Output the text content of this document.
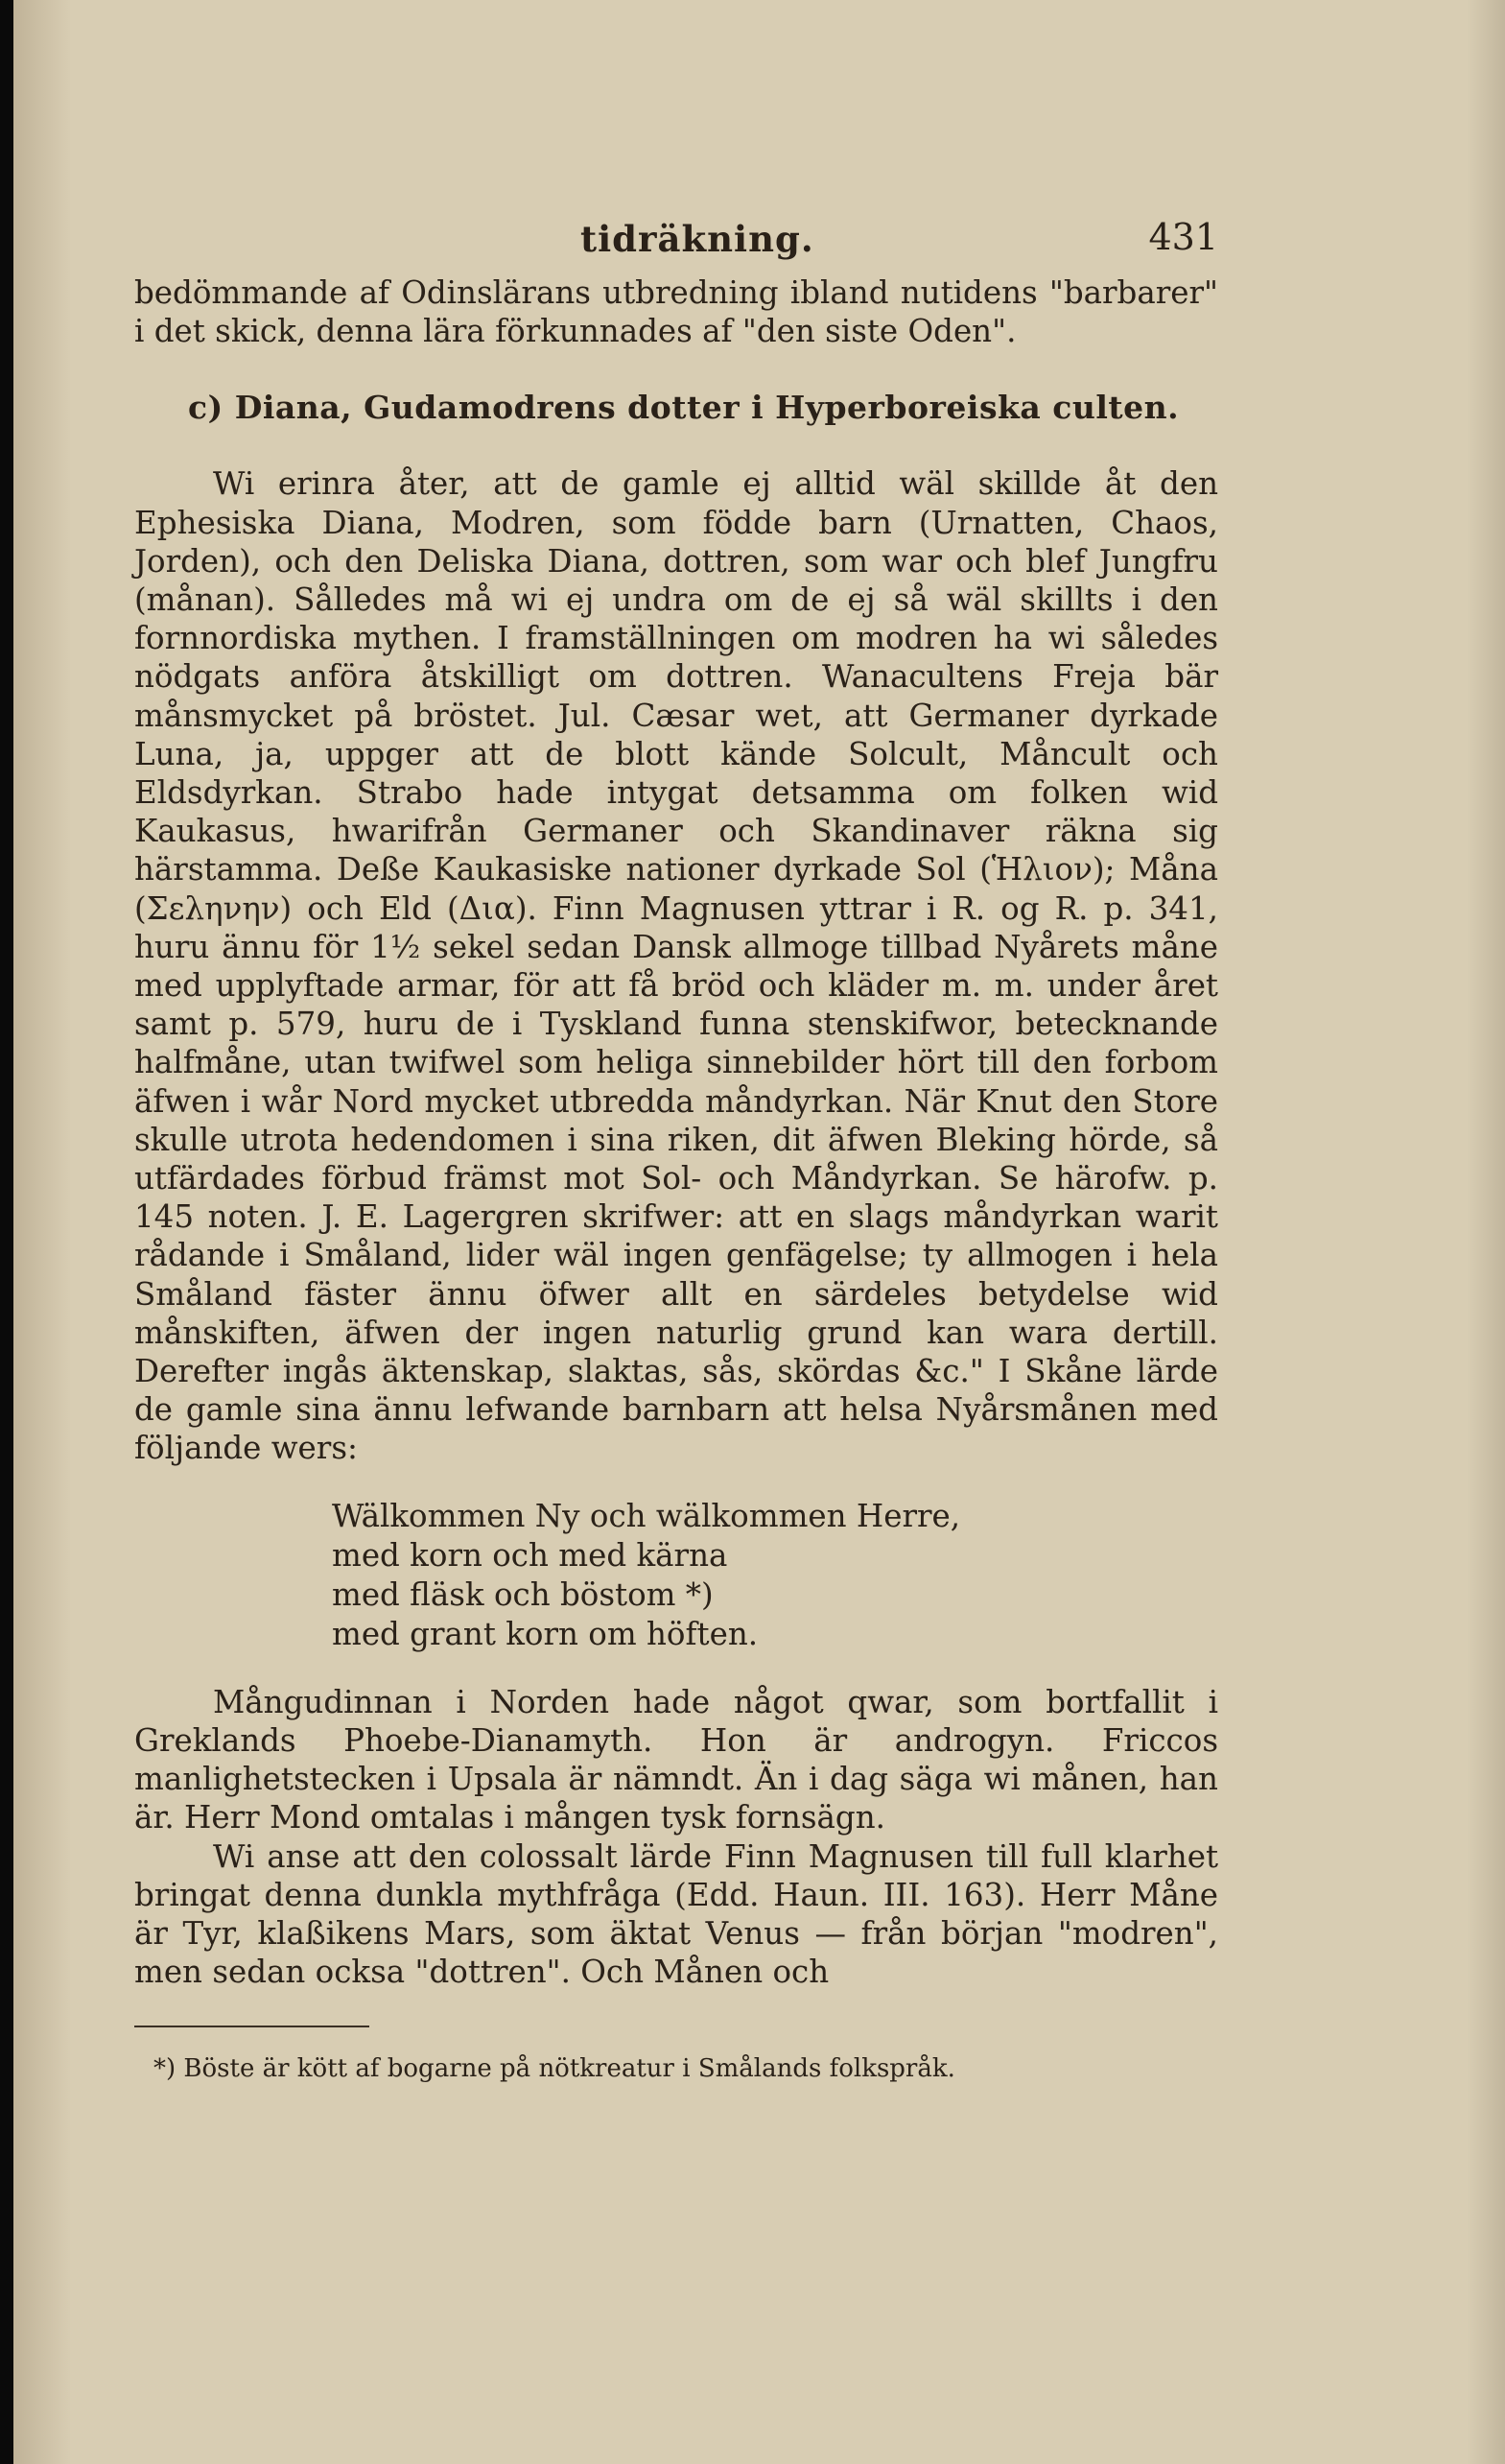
tidräkning.	431

bedömmande af Odinslärans utbredning ibland nutidens "barbarer" i det skick, denna lära förkunnades af "den siste Oden".

c) Diana, Gudamodrens dotter i Hyperboreiska culten.

Wi erinra åter, att de gamle ej alltid wäl skillde åt den Ephesiska Diana, Modren, som födde barn (Urnatten, Chaos, Jorden), och den Deliska Diana, dottren, som war och blef Jungfru (månan). Sålledes må wi ej undra om de ej så wäl skillts i den fornnordiska mythen. I framställningen om modren ha wi således nödgats anföra åtskilligt om dottren. Wanacultens Freja bär månsmycket på bröstet. Jul. Cæsar wet, att Germaner dyrkade Luna, ja, uppger att de blott kände Solcult, Måncult och Eldsdyrkan. Strabo hade intygat detsamma om folken wid Kaukasus, hwarifrån Germaner och Skandinaver räkna sig härstamma. Deße Kaukasiske nationer dyrkade Sol (Ἡλιον); Måna (Σεληνην) och Eld (Δια). Finn Magnusen yttrar i R. og R. p. 341, huru ännu för 1½ sekel sedan Dansk allmoge tillbad Nyårets måne med upplyftade armar, för att få bröd och kläder m. m. under året samt p. 579, huru de i Tyskland funna stenskifwor, betecknande halfmåne, utan twifwel som heliga sinnebilder hört till den forbom äfwen i wår Nord mycket utbredda måndyrkan. När Knut den Store skulle utrota hedendomen i sina riken, dit äfwen Bleking hörde, så utfärdades förbud främst mot Sol- och Måndyrkan. Se härofw. p. 145 noten. J. E. Lagergren skrifwer: att en slags måndyrkan warit rådande i Småland, lider wäl ingen genfägelse; ty allmogen i hela Småland fäster ännu öfwer allt en särdeles betydelse wid månskiften, äfwen der ingen naturlig grund kan wara dertill. Derefter ingås äktenskap, slaktas, sås, skördas &c." I Skåne lärde de gamle sina ännu lefwande barnbarn att helsa Nyårsmånen med följande wers:

Wälkommen Ny och wälkommen Herre,
med korn och med kärna
med fläsk och böstom *)
med grant korn om höften.

Mångudinnan i Norden hade något qwar, som bortfallit i Greklands Phoebe-Dianamyth. Hon är androgyn. Friccos manlighetstecken i Upsala är nämndt. Än i dag säga wi månen, han är. Herr Mond omtalas i mången tysk fornsägn.

Wi anse att den colossalt lärde Finn Magnusen till full klarhet bringat denna dunkla mythfråga (Edd. Haun. III. 163). Herr Måne är Tyr, klaßikens Mars, som äktat Venus — från början "modren", men sedan ocksa "dottren". Och Månen och

*) Böste är kött af bogarne på nötkreatur i Smålands folkspråk.
